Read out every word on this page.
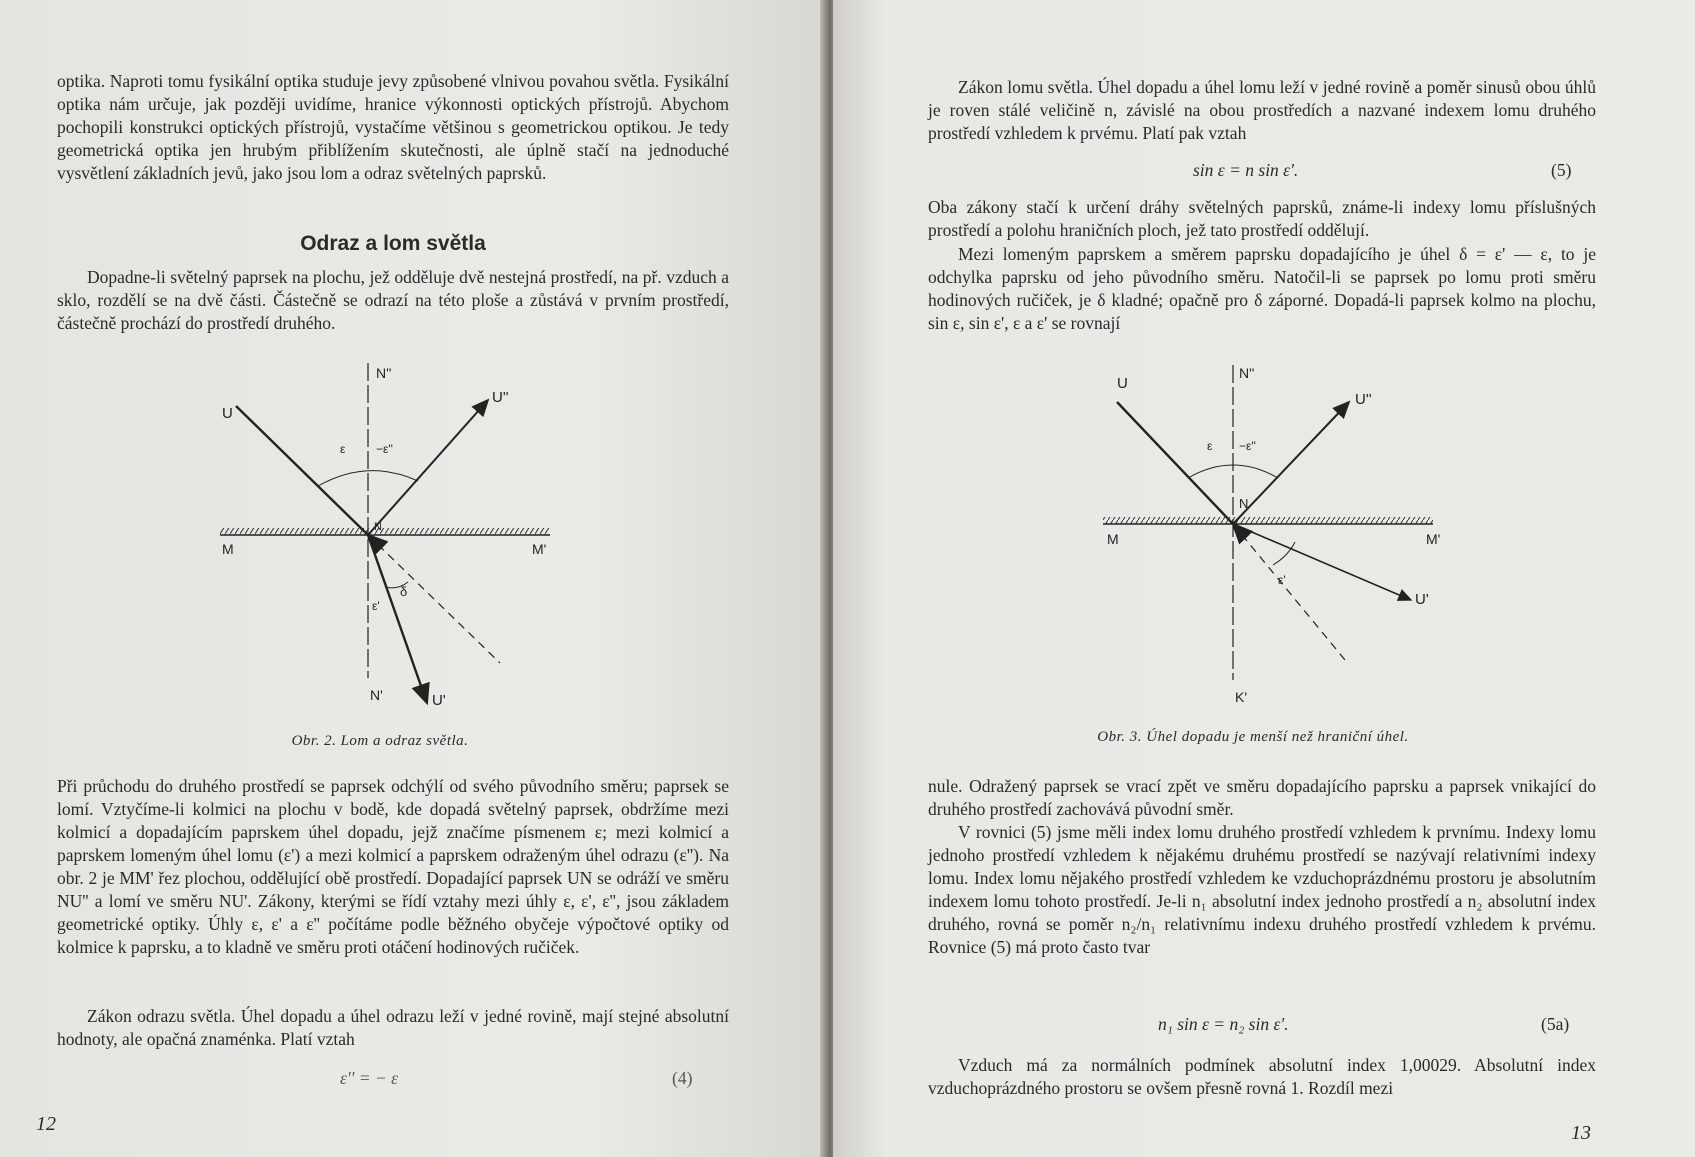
optika. Naproti tomu fysikální optika studuje jevy způsobené vlnivou povahou světla. Fysikální optika nám určuje, jak později uvidíme, hranice výkonnosti optických přístrojů. Abychom pochopili konstrukci optických přístrojů, vystačíme většinou s geometrickou optikou. Je tedy geometrická optika jen hrubým přiblížením skutečnosti, ale úplně stačí na jednoduché vysvětlení základních jevů, jako jsou lom a odraz světelných paprsků.

Odraz a lom světla

Dopadne-li světelný paprsek na plochu, jež odděluje dvě nestejná prostředí, na př. vzduch a sklo, rozdělí se na dvě části. Částečně se odrazí na této ploše a zůstává v prvním prostředí, částečně prochází do prostředí druhého.

N''
U
U''
ε	−ε''
N
M	M'
δ
ε'
N'	U'
Obr. 2. Lom a odraz světla.

Při průchodu do druhého prostředí se paprsek odchýlí od svého původního směru; paprsek se lomí. Vztyčíme-li kolmici na plochu v bodě, kde dopadá světelný paprsek, obdržíme mezi kolmicí a dopadajícím paprskem úhel dopadu, jejž značíme písmenem ε; mezi kolmicí a paprskem lomeným úhel lomu (ε') a mezi kolmicí a paprskem odraženým úhel odrazu (ε''). Na obr. 2 je MM' řez plochou, oddělující obě prostředí. Dopadající paprsek UN se odráží ve směru NU'' a lomí ve směru NU'. Zákony, kterými se řídí vztahy mezi úhly ε, ε', ε'', jsou základem geometrické optiky. Úhly ε, ε' a ε'' počítáme podle běžného obyčeje výpočtové optiky od kolmice k paprsku, a to kladně ve směru proti otáčení hodinových ručiček.

Zákon odrazu světla. Úhel dopadu a úhel odrazu leží v jedné rovině, mají stejné absolutní hodnoty, ale opačná znaménka. Platí vztah

ε'' = − ε	(4)
12

Zákon lomu světla. Úhel dopadu a úhel lomu leží v jedné rovině a poměr sinusů obou úhlů je roven stálé veličině n, závislé na obou prostředích a nazvané indexem lomu druhého prostředí vzhledem k prvému. Platí pak vztah

sin ε = n sin ε'.	(5)

Oba zákony stačí k určení dráhy světelných paprsků, známe-li indexy lomu příslušných prostředí a polohu hraničních ploch, jež tato prostředí oddělují.

Mezi lomeným paprskem a směrem paprsku dopadajícího je úhel δ = ε' — ε, to je odchylka paprsku od jeho původního směru. Natočil-li se paprsek po lomu proti směru hodinových ručiček, je δ kladné; opačně pro δ záporné. Dopadá-li paprsek kolmo na plochu, sin ε, sin ε', ε a ε' se rovnají

N''
U
U''
ε −ε''
N
M	M'
ε'
U'
K'
Obr. 3. Úhel dopadu je menší než hraniční úhel.

nule. Odražený paprsek se vrací zpět ve směru dopadajícího paprsku a paprsek vnikající do druhého prostředí zachovává původní směr.

V rovnici (5) jsme měli index lomu druhého prostředí vzhledem k prvnímu. Indexy lomu jednoho prostředí vzhledem k nějakému druhému prostředí se nazývají relativními indexy lomu. Index lomu nějakého prostředí vzhledem ke vzduchoprázdnému prostoru je absolutním indexem lomu tohoto prostředí. Je-li n₁ absolutní index jednoho prostředí a n₂ absolutní index druhého, rovná se poměr n₂/n₁ relativnímu indexu druhého prostředí vzhledem k prvému. Rovnice (5) má proto často tvar

n₁ sin ε = n₂ sin ε'.	(5a)

Vzduch má za normálních podmínek absolutní index 1,00029. Absolutní index vzduchoprázdného prostoru se ovšem přesně rovná 1. Rozdíl mezi

13
